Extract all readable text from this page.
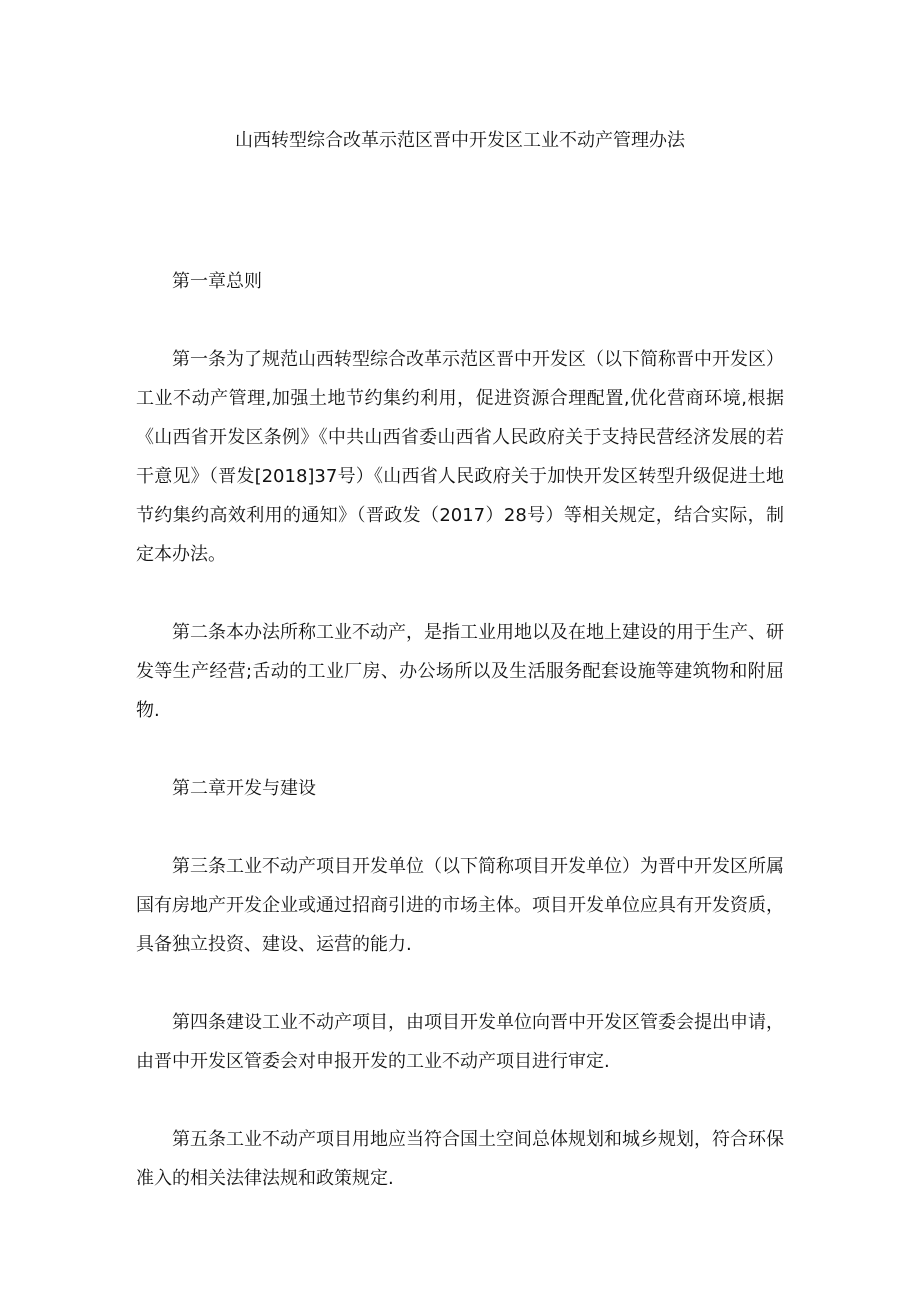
山西转型综合改革示范区晋中开发区工业不动产管理办法

第一章总则

第一条为了规范山西转型综合改革示范区晋中开发区（以下简称晋中开发区）工业不动产管理,加强土地节约集约利用，促进资源合理配置,优化营商环境,根据《山西省开发区条例》《中共山西省委山西省人民政府关于支持民营经济发展的若干意见》（晋发[2018]37号）《山西省人民政府关于加快开发区转型升级促进土地节约集约高效利用的通知》（晋政发（2017）28号）等相关规定，结合实际，制定本办法。

第二条本办法所称工业不动产，是指工业用地以及在地上建设的用于生产、研发等生产经营;舌动的工业厂房、办公场所以及生活服务配套设施等建筑物和附屈物.

第二章开发与建设

第三条工业不动产项目开发单位（以下简称项目开发单位）为晋中开发区所属国有房地产开发企业或通过招商引进的市场主体。项目开发单位应具有开发资质，具备独立投资、建设、运营的能力.

第四条建设工业不动产项目，由项目开发单位向晋中开发区管委会提出申请，由晋中开发区管委会对申报开发的工业不动产项目进行审定.

第五条工业不动产项目用地应当符合国土空间总体规划和城乡规划，符合环保准入的相关法律法规和政策规定.
